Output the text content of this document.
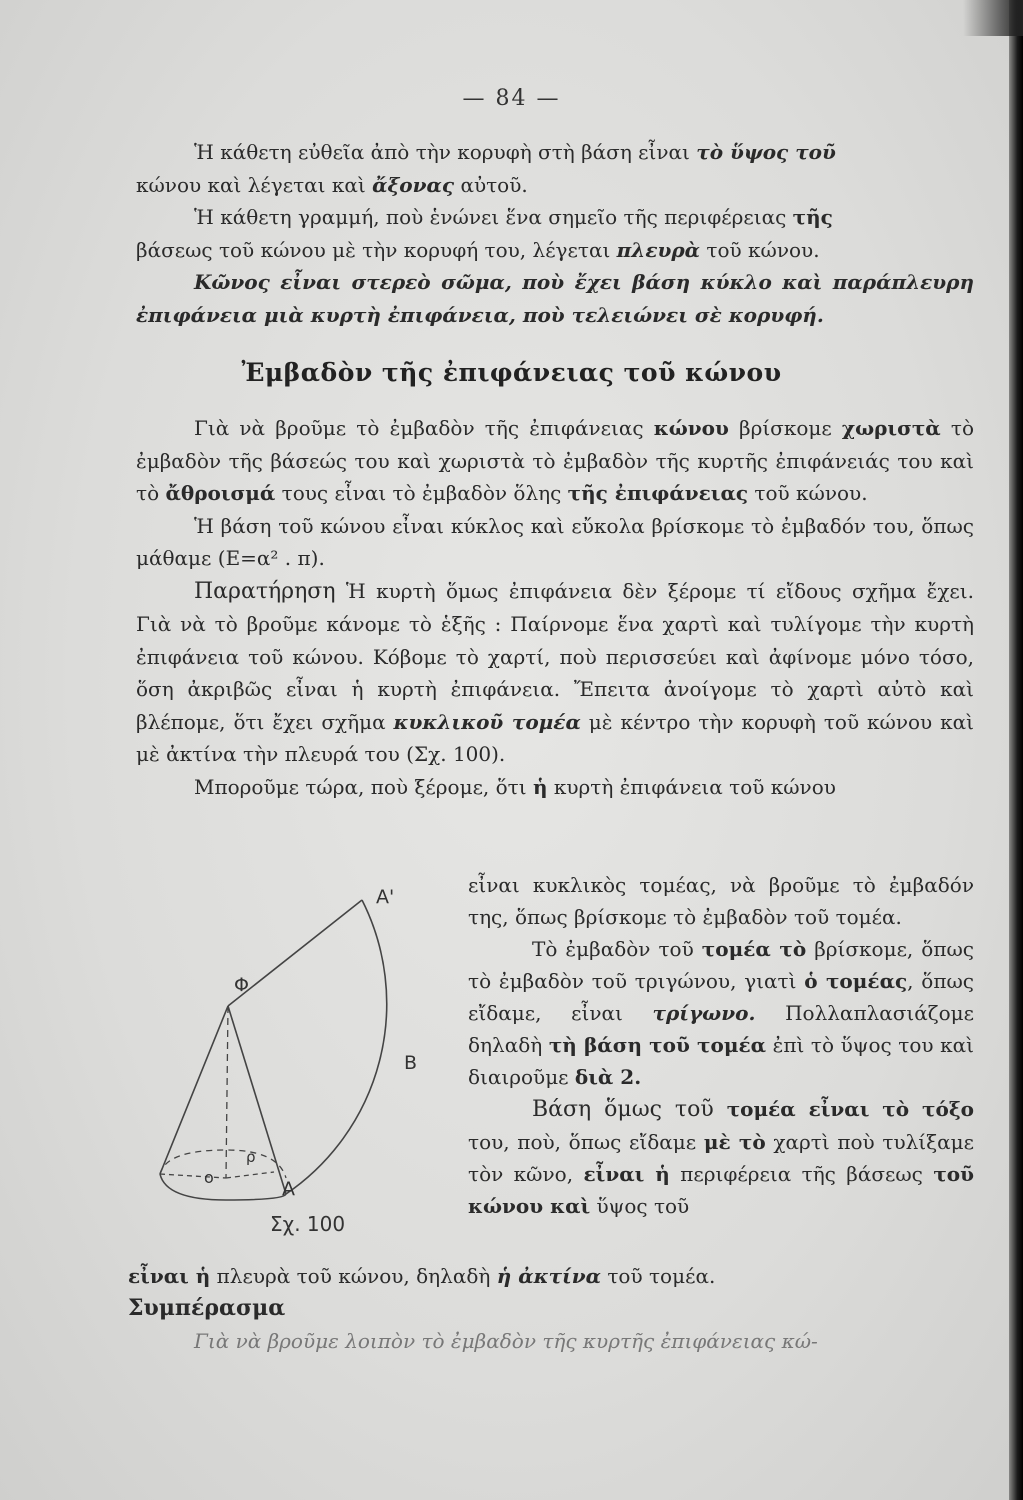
— 84 —

Ἡ κάθετη εὐθεῖα ἀπὸ τὴν κορυφὴ στὴ βάση εἶναι τὸ ὕψος τοῦ
κώνου καὶ λέγεται καὶ ἄξονας αὐτοῦ.

Ἡ κάθετη γραμμή, ποὺ ἑνώνει ἕνα σημεῖο τῆς περιφέρειας τῆς
βάσεως τοῦ κώνου μὲ τὴν κορυφή του, λέγεται πλευρὰ τοῦ κώνου.

Κῶνος εἶναι στερεὸ σῶμα, ποὺ ἔχει βάση κύκλο καὶ παράπλευρη ἐπιφάνεια μιὰ κυρτὴ ἐπιφάνεια, ποὺ τελειώνει σὲ κορυφή.

Ἐμβαδὸν τῆς ἐπιφάνειας τοῦ κώνου

Γιὰ νὰ βροῦμε τὸ ἐμβαδὸν τῆς ἐπιφάνειας κώνου βρίσκομε χωριστὰ τὸ ἐμβαδὸν τῆς βάσεώς του καὶ χωριστὰ τὸ ἐμβαδὸν τῆς κυρτῆς ἐπιφάνειάς του καὶ τὸ ἄθροισμά τους εἶναι τὸ ἐμβαδὸν ὅλης τῆς ἐπιφάνειας τοῦ κώνου.

Ἡ βάση τοῦ κώνου εἶναι κύκλος καὶ εὔκολα βρίσκομε τὸ ἐμβαδόν του, ὅπως μάθαμε (Ε=α² . π).

Παρατήρηση Ἡ κυρτὴ ὅμως ἐπιφάνεια δὲν ξέρομε τί εἴδους σχῆμα ἔχει. Γιὰ νὰ τὸ βροῦμε κάνομε τὸ ἑξῆς : Παίρνομε ἕνα χαρτὶ καὶ τυλίγομε τὴν κυρτὴ ἐπιφάνεια τοῦ κώνου. Κόβομε τὸ χαρτί, ποὺ περισσεύει καὶ ἀφίνομε μόνο τόσο, ὅση ἀκριβῶς εἶναι ἡ κυρτὴ ἐπιφάνεια. Ἔπειτα ἀνοίγομε τὸ χαρτὶ αὐτὸ καὶ βλέπομε, ὅτι ἔχει σχῆμα κυκλικοῦ τομέα μὲ κέντρο τὴν κορυφὴ τοῦ κώνου καὶ μὲ ἀκτίνα τὴν πλευρά του (Σχ. 100).

Μποροῦμε τώρα, ποὺ ξέρομε, ὅτι ἡ κυρτὴ ἐπιφάνεια τοῦ κώνου

εἶναι κυκλικὸς τομέας, νὰ βροῦμε τὸ ἐμβαδόν της, ὅπως βρίσκομε τὸ ἐμβαδὸν τοῦ τομέα.

Τὸ ἐμβαδὸν τοῦ τομέα τὸ βρίσκομε, ὅπως τὸ ἐμβαδὸν τοῦ τριγώνου, γιατὶ ὁ τομέας, ὅπως εἴδαμε, εἶναι τρίγωνο. Πολλαπλασιάζομε δηλαδὴ τὴ βάση τοῦ τομέα ἐπὶ τὸ ὕψος του καὶ διαιροῦμε διὰ 2.

Βάση ὅμως τοῦ τομέα εἶναι τὸ τόξο του, ποὺ, ὅπως εἴδαμε μὲ τὸ χαρτὶ ποὺ τυλίξαμε τὸν κῶνο, εἶναι ἡ περιφέρεια τῆς βάσεως τοῦ κώνου καὶ ὕψος τοῦ

Φ
Α'
Β
Α
ο
ρ
Σχ. 100

εἶναι ἡ πλευρὰ τοῦ κώνου, δηλαδὴ ἡ ἀκτίνα τοῦ τομέα.

Συμπέρασμα

Γιὰ νὰ βροῦμε λοιπὸν τὸ ἐμβαδὸν τῆς κυρτῆς ἐπιφάνειας κώ-
